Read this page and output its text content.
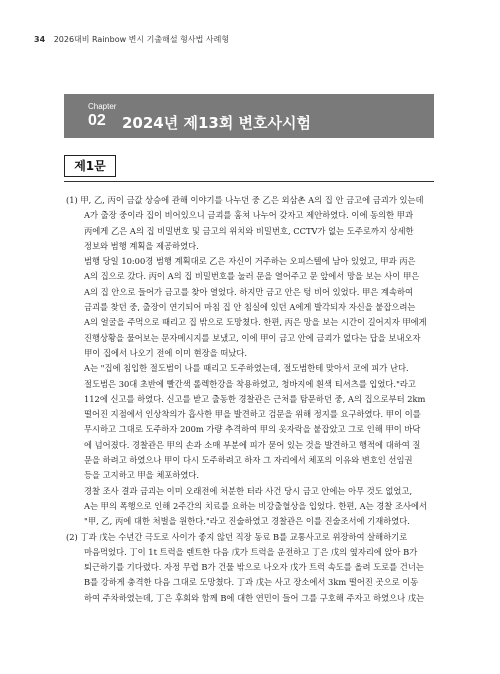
34 2026대비 Rainbow 변시 기출해설 형사법 사례형
Chapter
02 2024년 제13회 변호사시험
제1문
(1) 甲, 乙, 丙이 금값 상승에 관해 이야기를 나누던 중 乙은 외삼촌 A의 집 안 금고에 금괴가 있는데
A가 출장 중이라 집이 비어있으니 금괴를 훔쳐 나누어 갖자고 제안하였다. 이에 동의한 甲과
丙에게 乙은 A의 집 비밀번호 및 금고의 위치와 비밀번호, CCTV가 없는 도주로까지 상세한
정보와 범행 계획을 제공하였다.
범행 당일 10:00경 범행 계획대로 乙은 자신이 거주하는 오피스텔에 남아 있었고, 甲과 丙은
A의 집으로 갔다. 丙이 A의 집 비밀번호를 눌러 문을 열어주고 문 앞에서 망을 보는 사이 甲은
A의 집 안으로 들어가 금고를 찾아 열었다. 하지만 금고 안은 텅 비어 있었다. 甲은 계속하여
금괴를 찾던 중, 출장이 연기되어 마침 집 안 침실에 있던 A에게 발각되자 자신을 붙잡으려는
A의 얼굴을 주먹으로 때리고 집 밖으로 도망쳤다. 한편, 丙은 망을 보는 시간이 길어지자 甲에게
진행상황을 물어보는 문자메시지를 보냈고, 이에 甲이 금고 안에 금괴가 없다는 답을 보내오자
甲이 집에서 나오기 전에 이미 현장을 떠났다.
A는 "집에 침입한 절도범이 나를 때리고 도주하였는데, 절도범한테 맞아서 코에 피가 난다.
절도범은 30대 초반에 빨간색 롤렉한강을 착용하였고, 청바지에 흰색 티셔츠를 입었다."라고
112에 신고를 하였다. 신고를 받고 출동한 경찰관은 근처를 탐문하던 중, A의 집으로부터 2km
떨어진 지점에서 인상착의가 흡사한 甲을 발견하고 검문을 위해 정지를 요구하였다. 甲이 이를
무시하고 그대로 도주하자 200m 가량 추격하여 甲의 옷자락을 붙잡았고 그로 인해 甲이 바닥
에 넘어졌다. 경찰관은 甲의 손과 소매 부분에 피가 묻어 있는 것을 발견하고 행적에 대하여 질
문을 하려고 하였으나 甲이 다시 도주하려고 하자 그 자리에서 체포의 이유와 변호인 선임권
등을 고지하고 甲을 체포하였다.
경찰 조사 결과 금괴는 이미 오래전에 처분한 터라 사건 당시 금고 안에는 아무 것도 없었고,
A는 甲의 폭행으로 인해 2주간의 치료를 요하는 비강출혈상을 입었다. 한편, A는 경찰 조사에서
"甲, 乙, 丙에 대한 처벌을 원한다."라고 진술하였고 경찰관은 이를 진술조서에 기재하였다.
(2) 丁과 戊는 수년간 극도로 사이가 좋지 않던 직장 동료 B를 교통사고로 위장하여 살해하기로
마음먹었다. 丁이 1t 트럭을 렌트한 다음 戊가 트럭을 운전하고 丁은 戊의 옆자리에 앉아 B가
퇴근하기를 기다렸다. 자정 무렵 B가 건물 밖으로 나오자 戊가 트럭 속도를 올려 도로를 건너는
B를 강하게 충격한 다음 그대로 도망쳤다. 丁과 戊는 사고 장소에서 3km 떨어진 곳으로 이동
하여 주차하였는데, 丁은 후회와 함께 B에 대한 연민이 들어 그를 구호해 주자고 하였으나 戊는
